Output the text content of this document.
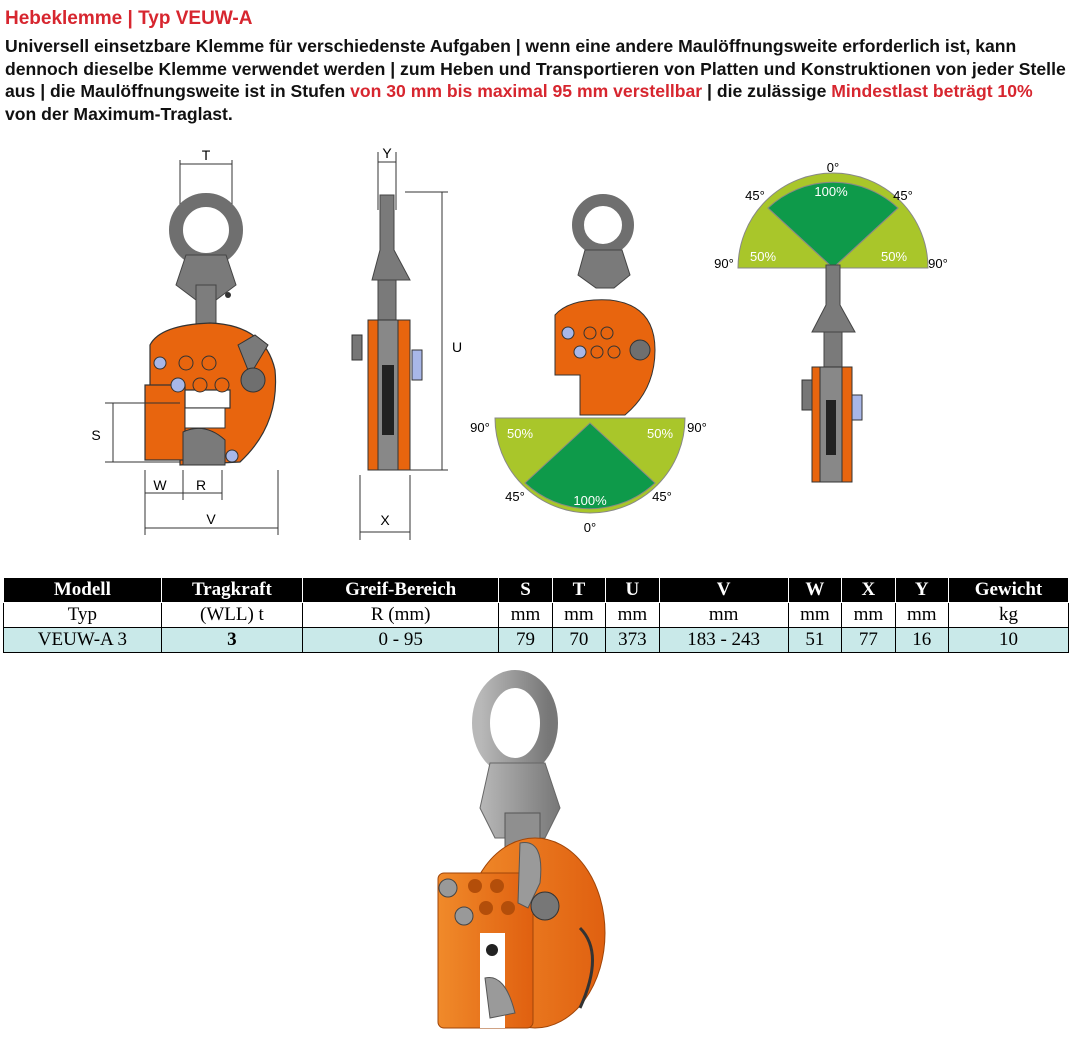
Hebeklemme | Typ VEUW-A
Universell einsetzbare Klemme für verschiedenste Aufgaben | wenn eine andere Maulöffnungsweite erforderlich ist, kann dennoch dieselbe Klemme verwendet werden | zum Heben und Transportieren von Platten und Konstruktionen von jeder Stelle aus | die Maulöffnungsweite ist in Stufen von 30 mm bis maximal 95 mm verstellbar | die zulässige Mindestlast beträgt 10% von der Maximum-Traglast.
T
S
W R
V
Y
U
X
90° 50%	50% 90°
100%
45°	45°
0°
0°
100%
45°	45°
50%	50%
90°	90°
Modell	Tragkraft	Greif-Bereich	S	T	U	V	W	X	Y	Gewicht
Typ	(WLL) t	R (mm)	mm	mm	mm	mm	mm	mm	mm	kg
VEUW-A 3	3	0 - 95	79	70	373	183 - 243	51	77	16	10
